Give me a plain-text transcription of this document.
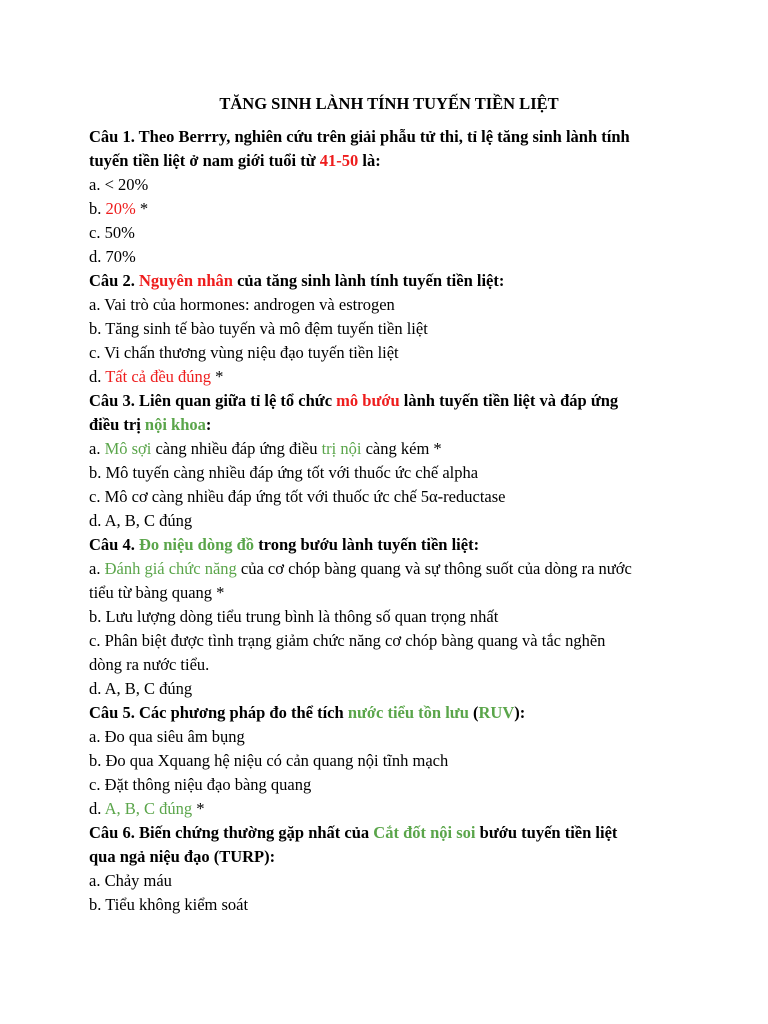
TĂNG SINH LÀNH TÍNH TUYẾN TIỀN LIỆT
Câu 1. Theo Berrry, nghiên cứu trên giải phẫu tử thi, tỉ lệ tăng sinh lành tính
tuyến tiền liệt ở nam giới tuổi từ 41-50 là:
a. < 20%
b. 20% *
c. 50%
d. 70%
Câu 2. Nguyên nhân của tăng sinh lành tính tuyến tiền liệt:
a. Vai trò của hormones: androgen và estrogen
b. Tăng sinh tế bào tuyến và mô đệm tuyến tiền liệt
c. Vi chấn thương vùng niệu đạo tuyến tiền liệt
d. Tất cả đều đúng *
Câu 3. Liên quan giữa tỉ lệ tổ chức mô bướu lành tuyến tiền liệt và đáp ứng
điều trị nội khoa:
a. Mô sợi càng nhiều đáp ứng điều trị nội càng kém *
b. Mô tuyến càng nhiều đáp ứng tốt với thuốc ức chế alpha
c. Mô cơ càng nhiều đáp ứng tốt với thuốc ức chế 5α-reductase
d. A, B, C đúng
Câu 4. Đo niệu dòng đồ trong bướu lành tuyến tiền liệt:
a. Đánh giá chức năng của cơ chóp bàng quang và sự thông suốt của dòng ra nước
tiểu từ bàng quang *
b. Lưu lượng dòng tiểu trung bình là thông số quan trọng nhất
c. Phân biệt được tình trạng giảm chức năng cơ chóp bàng quang và tắc nghẽn
dòng ra nước tiểu.
d. A, B, C đúng
Câu 5. Các phương pháp đo thể tích nước tiểu tồn lưu (RUV):
a. Đo qua siêu âm bụng
b. Đo qua Xquang hệ niệu có cản quang nội tĩnh mạch
c. Đặt thông niệu đạo bàng quang
d. A, B, C đúng *
Câu 6. Biến chứng thường gặp nhất của Cắt đốt nội soi bướu tuyến tiền liệt
qua ngả niệu đạo (TURP):
a. Chảy máu
b. Tiểu không kiểm soát
